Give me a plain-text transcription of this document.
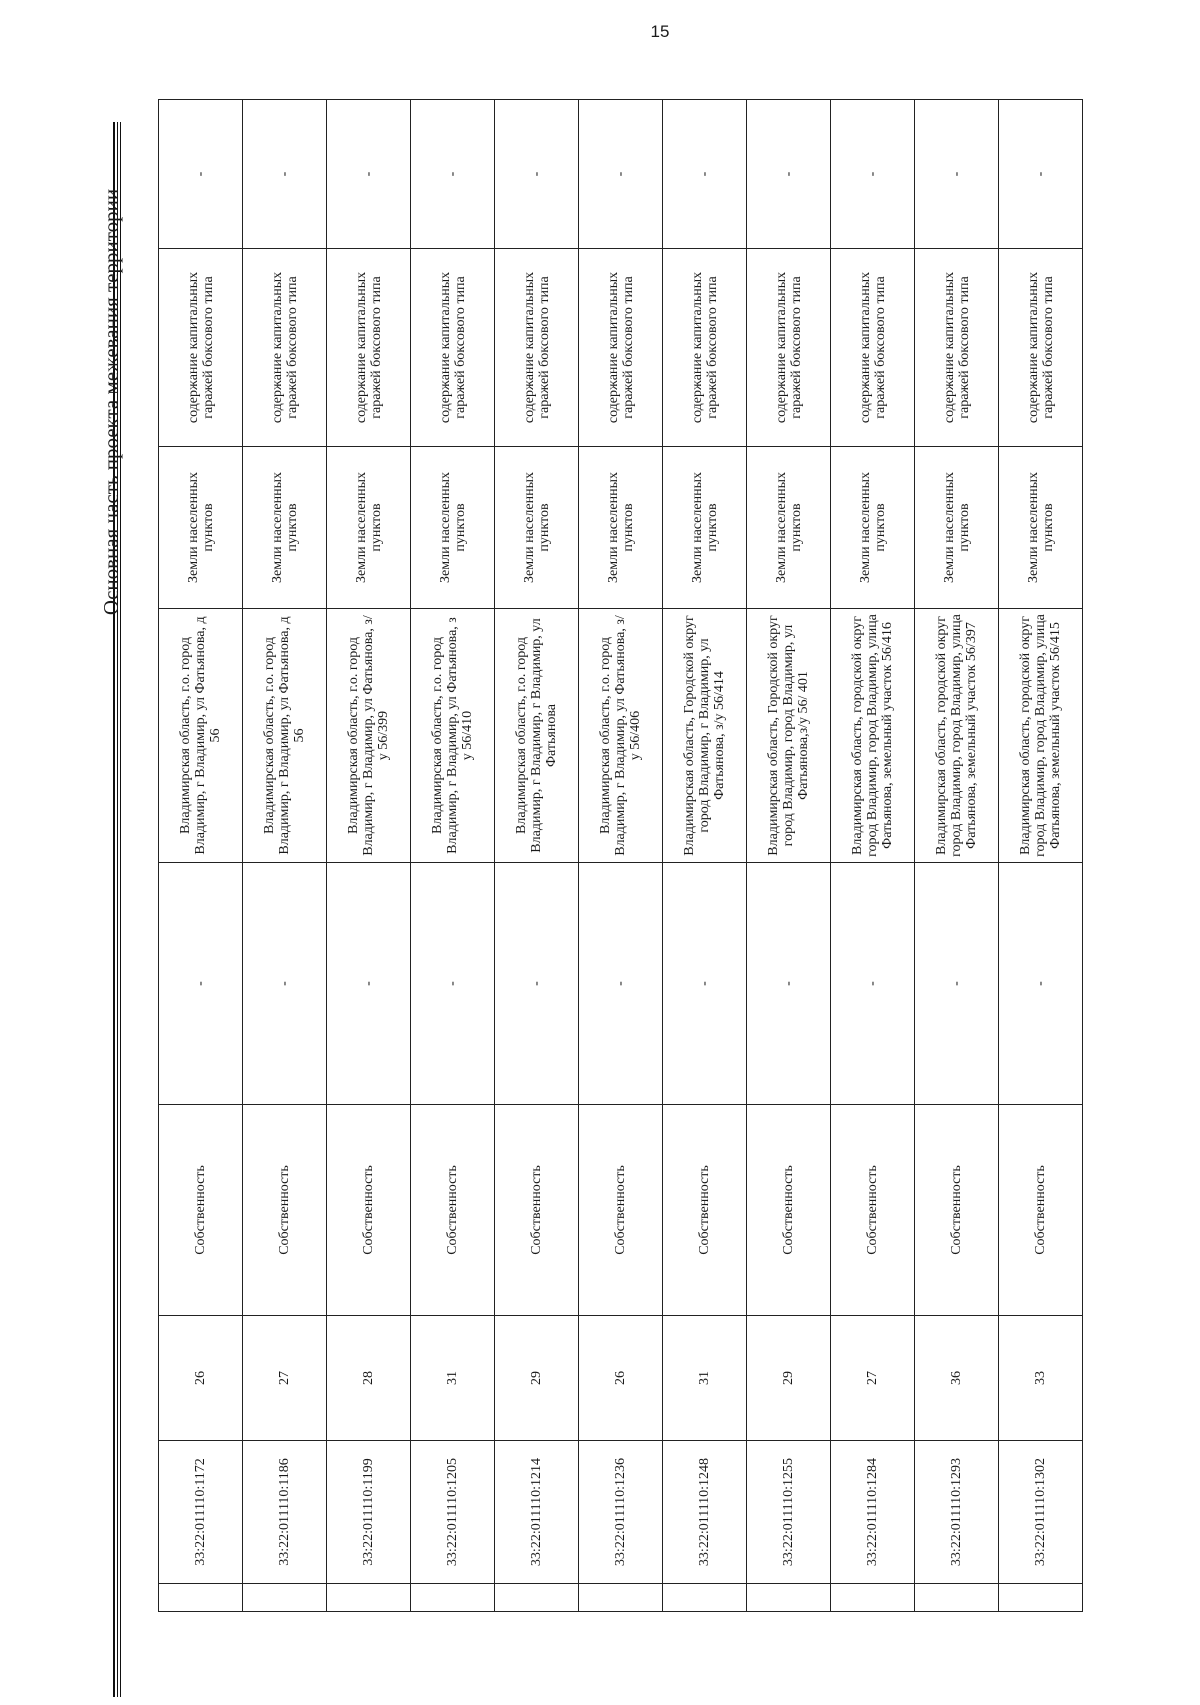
15
Основная часть проекта межевания территории
	33:22:011110:1172	26	Собственность	-	Владимирская область, г.о. город Владимир, г Владимир, ул Фатьянова, д 56	Земли населенных пунктов	содержание капитальных гаражей боксового типа	-
	33:22:011110:1186	27	Собственность	-	Владимирская область, г.о. город Владимир, г Владимир, ул Фатьянова, д 56	Земли населенных пунктов	содержание капитальных гаражей боксового типа	-
	33:22:011110:1199	28	Собственность	-	Владимирская область, г.о. город Владимир, г Владимир, ул Фатьянова, з/у 56/399	Земли населенных пунктов	содержание капитальных гаражей боксового типа	-
	33:22:011110:1205	31	Собственность	-	Владимирская область, г.о. город Владимир, г Владимир, ул Фатьянова, з у 56/410	Земли населенных пунктов	содержание капитальных гаражей боксового типа	-
	33:22:011110:1214	29	Собственность	-	Владимирская область, г.о. город Владимир, г Владимир, г Владимир, ул Фатьянова	Земли населенных пунктов	содержание капитальных гаражей боксового типа	-
	33:22:011110:1236	26	Собственность	-	Владимирская область, г.о. город Владимир, г Владимир, ул Фатьянова, з/у 56/406	Земли населенных пунктов	содержание капитальных гаражей боксового типа	-
	33:22:011110:1248	31	Собственность	-	Владимирская область, Городской округ город Владимир, г Владимир, ул Фатьянова, з/у 56/414	Земли населенных пунктов	содержание капитальных гаражей боксового типа	-
	33:22:011110:1255	29	Собственность	-	Владимирская область, Городской округ город Владимир, город Владимир, ул Фатьянова,з/у 56/ 401	Земли населенных пунктов	содержание капитальных гаражей боксового типа	-
	33:22:011110:1284	27	Собственность	-	Владимирская область, городской округ город Владимир, город Владимир, улица Фатьянова, земельный участок 56/416	Земли населенных пунктов	содержание капитальных гаражей боксового типа	-
	33:22:011110:1293	36	Собственность	-	Владимирская область, городской округ город Владимир, город Владимир, улица Фатьянова, земельный участок 56/397	Земли населенных пунктов	содержание капитальных гаражей боксового типа	-
	33:22:011110:1302	33	Собственность	-	Владимирская область, городской округ город Владимир, город Владимир, улица Фатьянова, земельный участок 56/415	Земли населенных пунктов	содержание капитальных гаражей боксового типа	-
